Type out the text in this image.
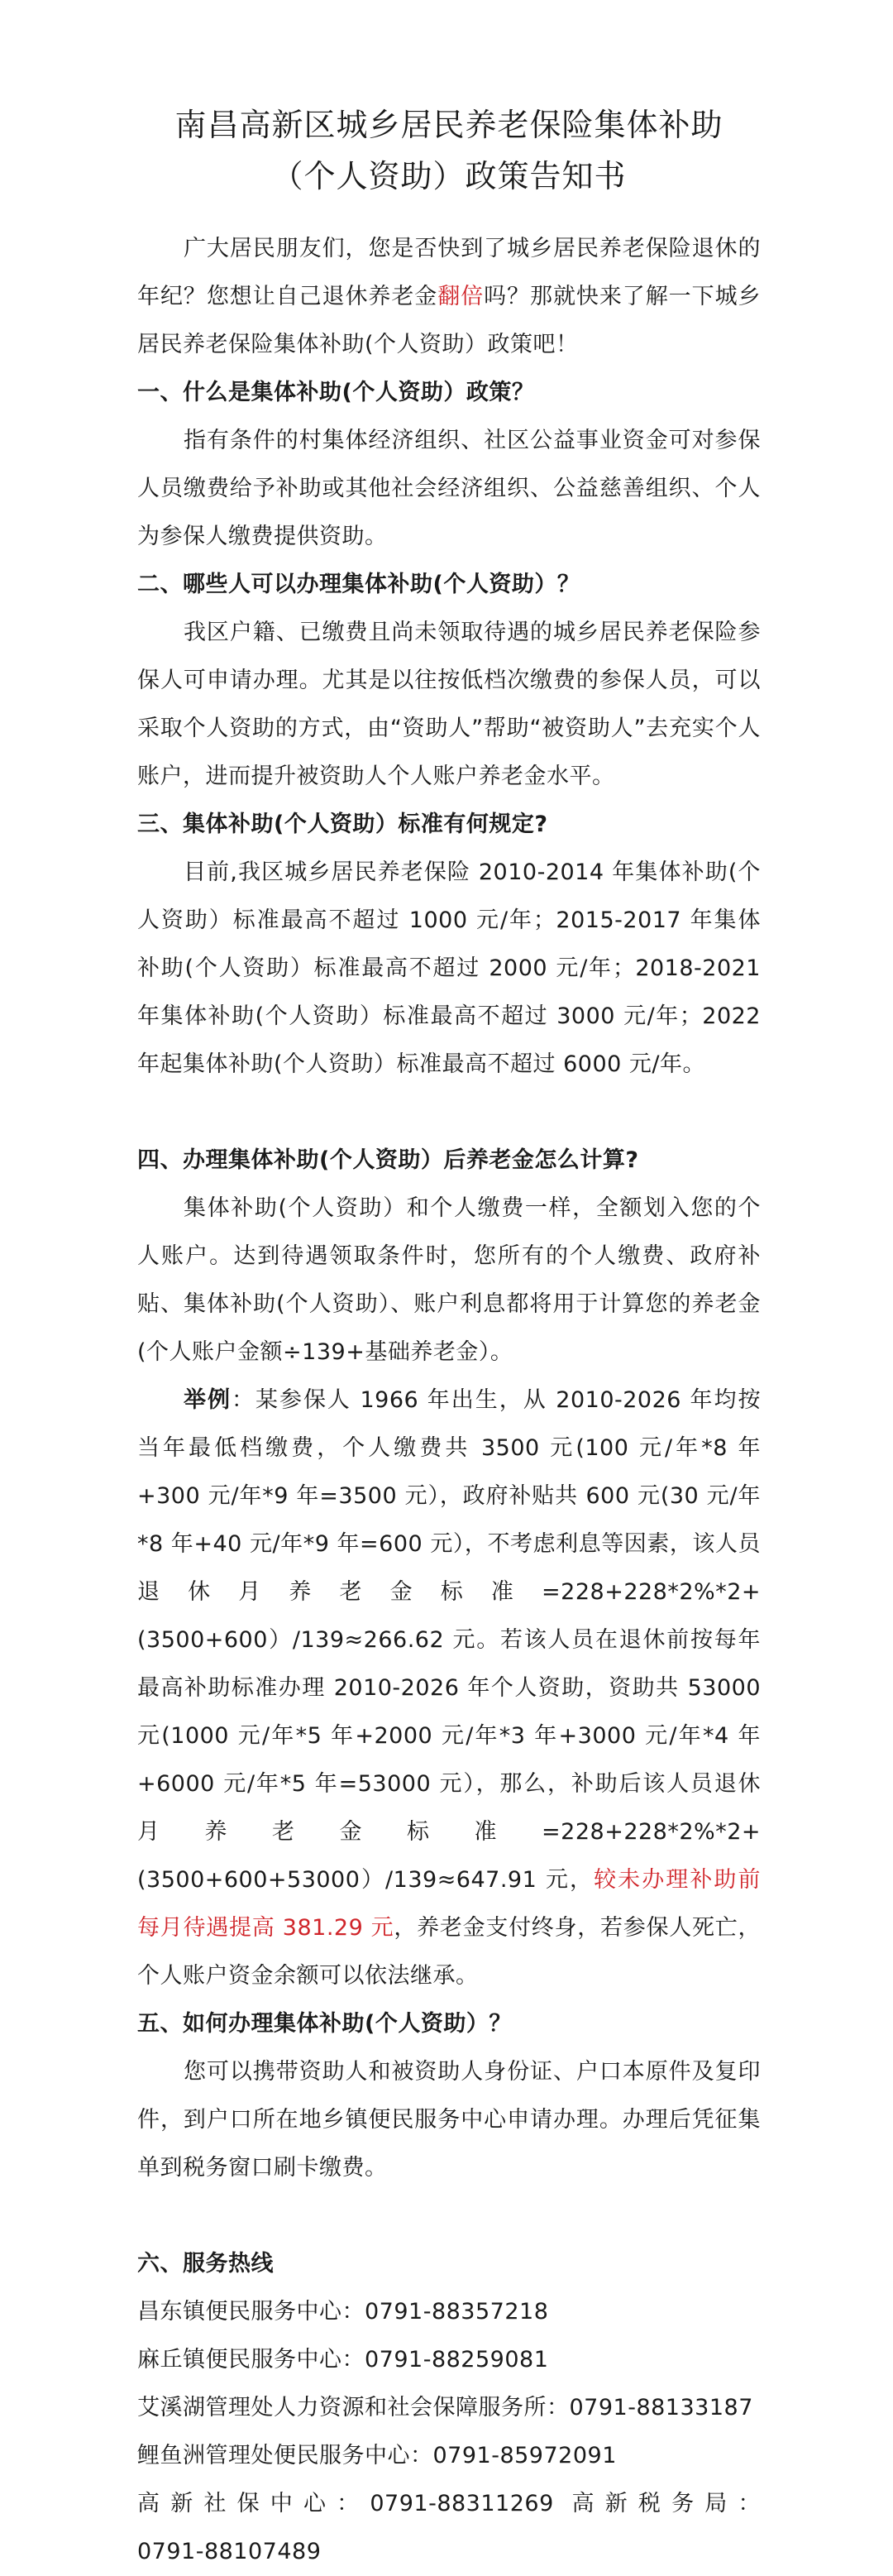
南昌高新区城乡居民养老保险集体补助
（个人资助）政策告知书

广大居民朋友们，您是否快到了城乡居民养老保险退休的年纪？您想让自己退休养老金翻倍吗？那就快来了解一下城乡居民养老保险集体补助(个人资助）政策吧！

一、什么是集体补助(个人资助）政策？

指有条件的村集体经济组织、社区公益事业资金可对参保人员缴费给予补助或其他社会经济组织、公益慈善组织、个人为参保人缴费提供资助。

二、哪些人可以办理集体补助(个人资助）？

我区户籍、已缴费且尚未领取待遇的城乡居民养老保险参保人可申请办理。尤其是以往按低档次缴费的参保人员，可以采取个人资助的方式，由“资助人”帮助“被资助人”去充实个人账户，进而提升被资助人个人账户养老金水平。

三、集体补助(个人资助）标准有何规定?

目前,我区城乡居民养老保险 2010-2014 年集体补助(个人资助）标准最高不超过 1000 元/年；2015-2017 年集体补助(个人资助）标准最高不超过 2000 元/年；2018-2021 年集体补助(个人资助）标准最高不超过 3000 元/年；2022 年起集体补助(个人资助）标准最高不超过 6000 元/年。

四、办理集体补助(个人资助）后养老金怎么计算?

集体补助(个人资助）和个人缴费一样，全额划入您的个人账户。达到待遇领取条件时，您所有的个人缴费、政府补贴、集体补助(个人资助）、账户利息都将用于计算您的养老金(个人账户金额÷139+基础养老金）。

举例：某参保人 1966 年出生，从 2010-2026 年均按当年最低档缴费，个人缴费共 3500 元(100 元/年*8 年+300 元/年*9 年=3500 元），政府补贴共 600 元(30 元/年*8 年+40 元/年*9 年=600 元），不考虑利息等因素，该人员退休月养老金标准=228+228*2%*2+(3500+600）/139≈266.62 元。若该人员在退休前按每年最高补助标准办理 2010-2026 年个人资助，资助共 53000 元(1000 元/年*5 年+2000 元/年*3 年+3000 元/年*4 年+6000 元/年*5 年=53000 元），那么，补助后该人员退休月养老金标准=228+228*2%*2+(3500+600+53000）/139≈647.91 元，较未办理补助前每月待遇提高 381.29 元，养老金支付终身，若参保人死亡，个人账户资金余额可以依法继承。

五、如何办理集体补助(个人资助）？

您可以携带资助人和被资助人身份证、户口本原件及复印件，到户口所在地乡镇便民服务中心申请办理。办理后凭征集单到税务窗口刷卡缴费。

六、服务热线

昌东镇便民服务中心：0791-88357218

麻丘镇便民服务中心：0791-88259081

艾溪湖管理处人力资源和社会保障服务所：0791-88133187

鲤鱼洲管理处便民服务中心：0791-85972091

高新社保中心：0791-88311269 高新税务局：

0791-88107489
